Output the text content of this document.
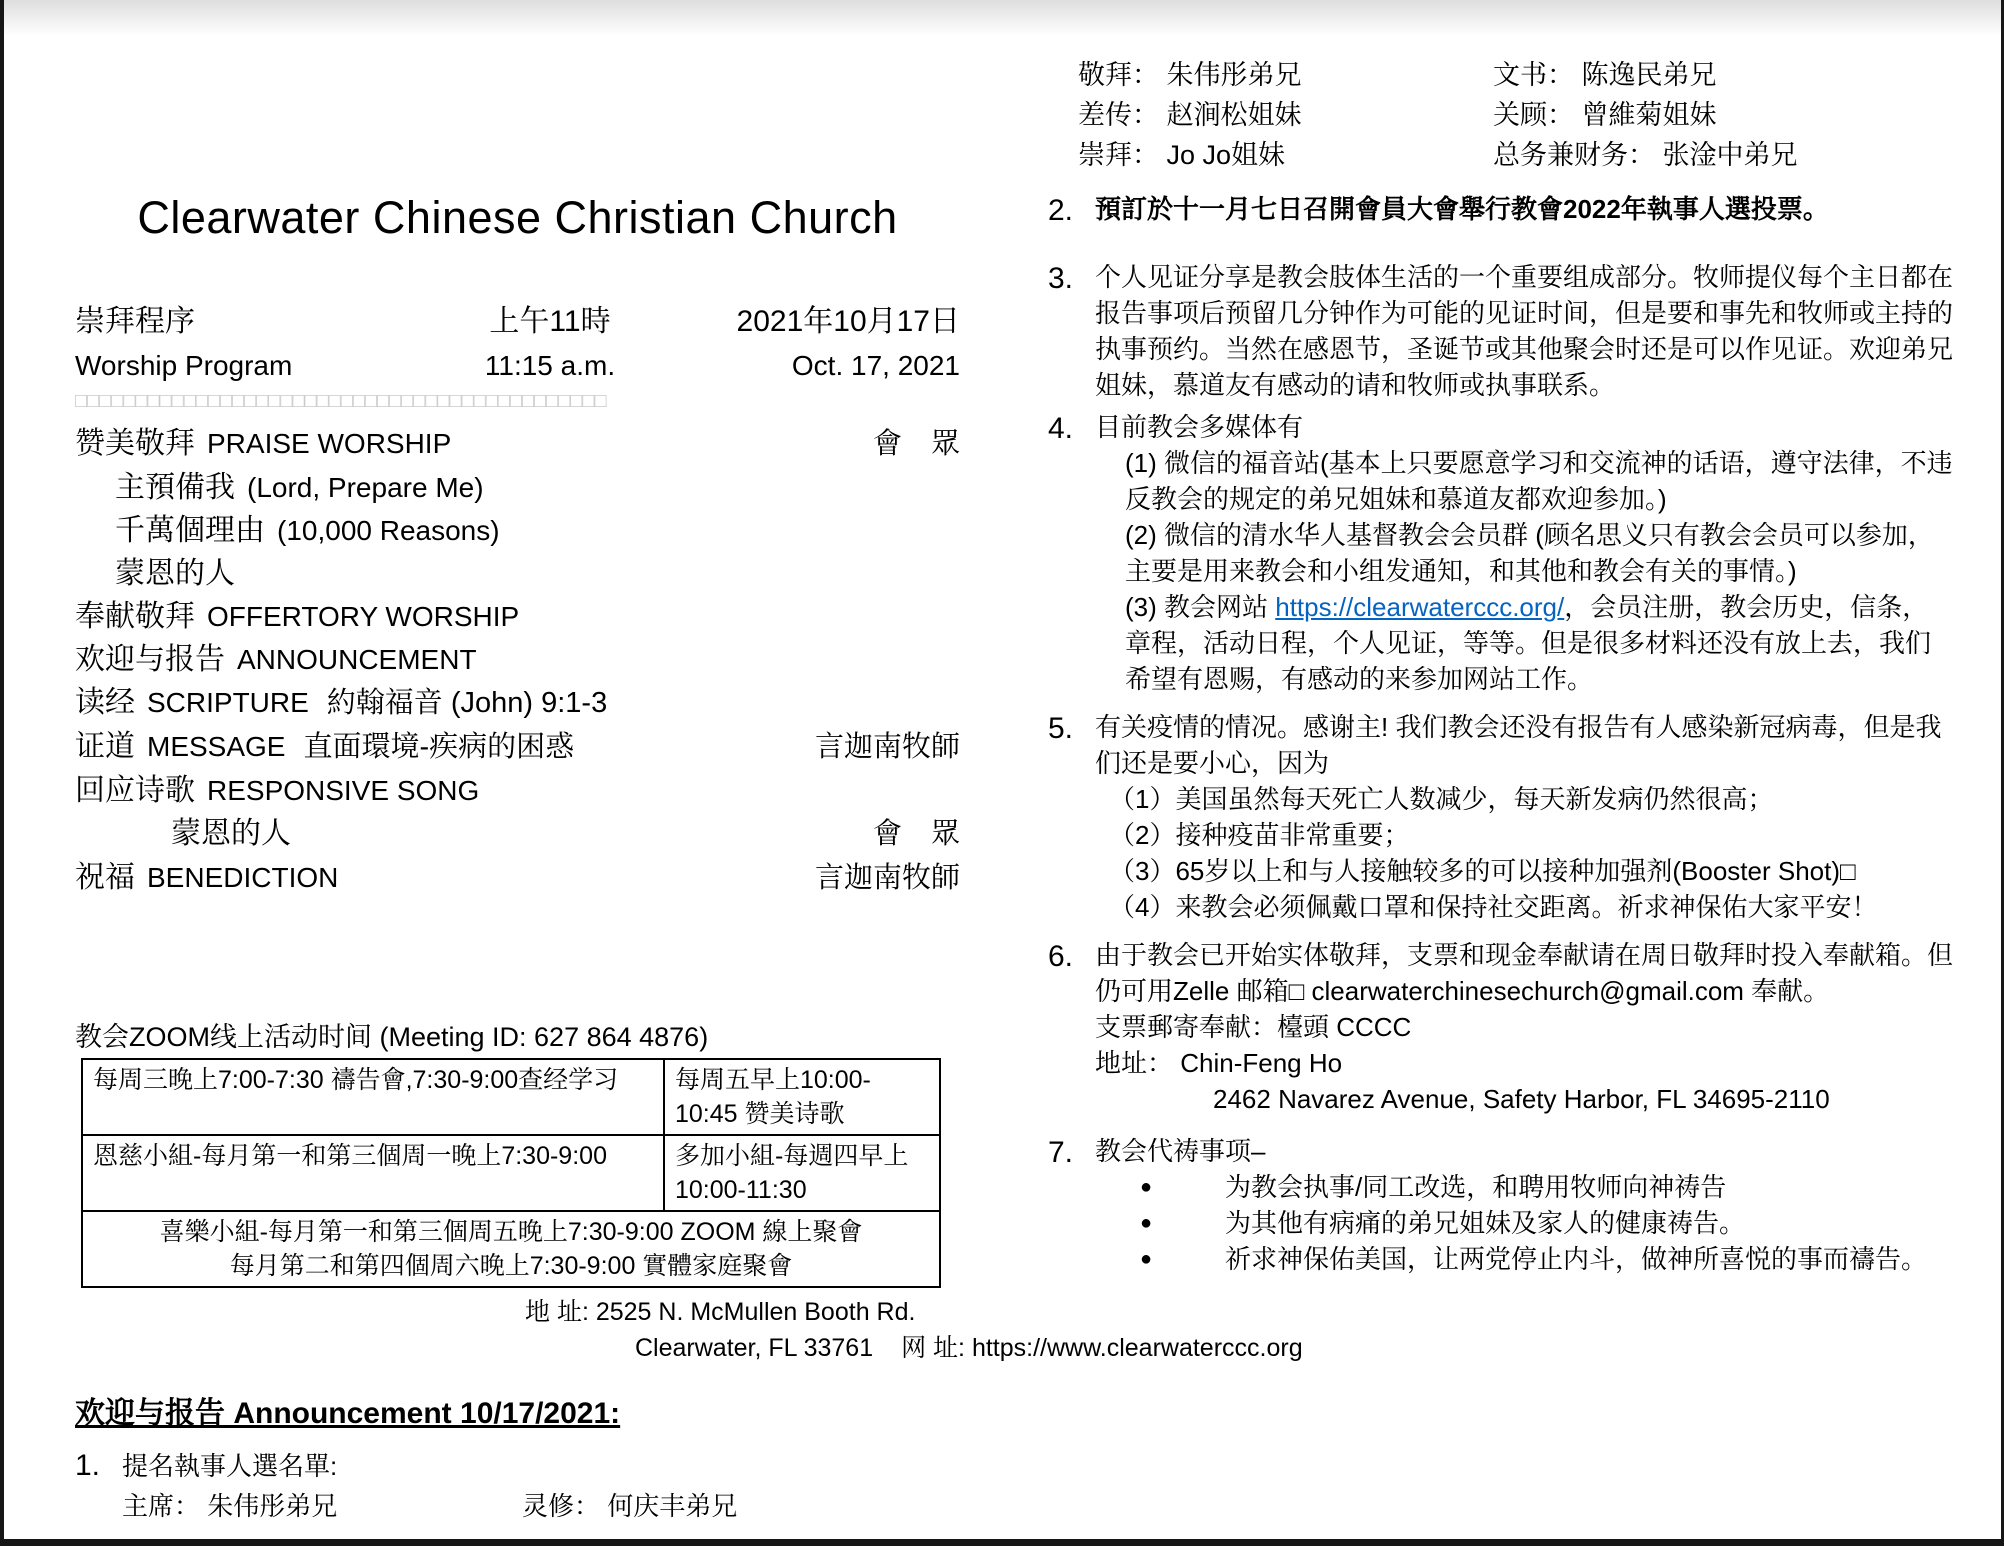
Clearwater Chinese Christian Church
崇拜程序	上午11時	2021年10月17日
Worship Program	11:15 a.m.	Oct. 17, 2021
□□□□□□□□□□□□□□□□□□□□□□□□□□□□□□□□□□□□□□□□□□□□
赞美敬拜 PRAISE WORSHIP	會　眾
主預備我 (Lord, Prepare Me)
千萬個理由 (10,000 Reasons)
蒙恩的人
奉献敬拜 OFFERTORY WORSHIP
欢迎与报告 ANNOUNCEMENT
读经 SCRIPTURE 約翰福音 (John) 9:1-3
证道 MESSAGE 直面環境-疾病的困惑	言迦南牧師
回应诗歌 RESPONSIVE SONG
蒙恩的人	會　眾
祝福 BENEDICTION	言迦南牧師
教会ZOOM线上活动时间 (Meeting ID: 627 864 4876)
每周三晚上7:00-7:30 禱告會,7:30-9:00查经学习	每周五早上10:00-10:45 赞美诗歌
恩慈小組-每月第一和第三個周一晚上7:30-9:00	多加小組-每週四早上 10:00-11:30

喜樂小組-每月第一和第三個周五晚上7:30-9:00 ZOOM 線上聚會
每月第二和第四個周六晚上7:30-9:00 實體家庭聚會	
地 址: 2525 N. McMullen Booth Rd.
Clearwater, FL 33761 网 址: https://www.clearwaterccc.org
欢迎与报告 Announcement 10/17/2021:
1. 提名執事人選名單:
主席： 朱伟彤弟兄	灵修： 何庆丰弟兄
敬拜： 朱伟彤弟兄	文书： 陈逸民弟兄
差传： 赵涧松姐妹	关顾： 曾維菊姐妹
崇拜： Jo Jo姐妹	总务兼财务： 张淦中弟兄
2. 預訂於十一月七日召開會員大會舉行教會2022年執事人選投票。
3. 个人见证分享是教会肢体生活的一个重要组成部分。牧师提仪每个主日都在报告事项后预留几分钟作为可能的见证时间，但是要和事先和牧师或主持的执事预约。当然在感恩节，圣诞节或其他聚会时还是可以作见证。欢迎弟兄姐妹，慕道友有感动的请和牧师或执事联系。
4. 目前教会多媒体有
(1) 微信的福音站(基本上只要愿意学习和交流神的话语，遵守法律，不违反教会的规定的弟兄姐妹和慕道友都欢迎参加。)
(2) 微信的清水华人基督教会会员群 (顾名思义只有教会会员可以参加，主要是用来教会和小组发通知，和其他和教会有关的事情。)
(3) 教会网站 https://clearwaterccc.org/，会员注册，教会历史，信条，章程，活动日程，个人见证，等等。但是很多材料还没有放上去，我们希望有恩赐，有感动的来参加网站工作。
5. 有关疫情的情况。感谢主! 我们教会还没有报告有人感染新冠病毒，但是我们还是要小心，因为
（1）美国虽然每天死亡人数减少，每天新发病仍然很高；
（2）接种疫苗非常重要；
（3）65岁以上和与人接触较多的可以接种加强剂(Booster Shot)□
（4）来教会必须佩戴口罩和保持社交距离。祈求神保佑大家平安！
6. 由于教会已开始实体敬拜，支票和现金奉献请在周日敬拜时投入奉献箱。但仍可用Zelle 邮箱□ clearwaterchinesechurch@gmail.com 奉献。
支票郵寄奉献：檯頭 CCCC
地址： Chin-Feng Ho
2462 Navarez Avenue, Safety Harbor, FL 34695-2110
7. 教会代祷事项–
●	为教会执事/同工改选，和聘用牧师向神祷告
●	为其他有病痛的弟兄姐妹及家人的健康祷告。
●	祈求神保佑美国，让两党停止内斗，做神所喜悦的事而禱告。
